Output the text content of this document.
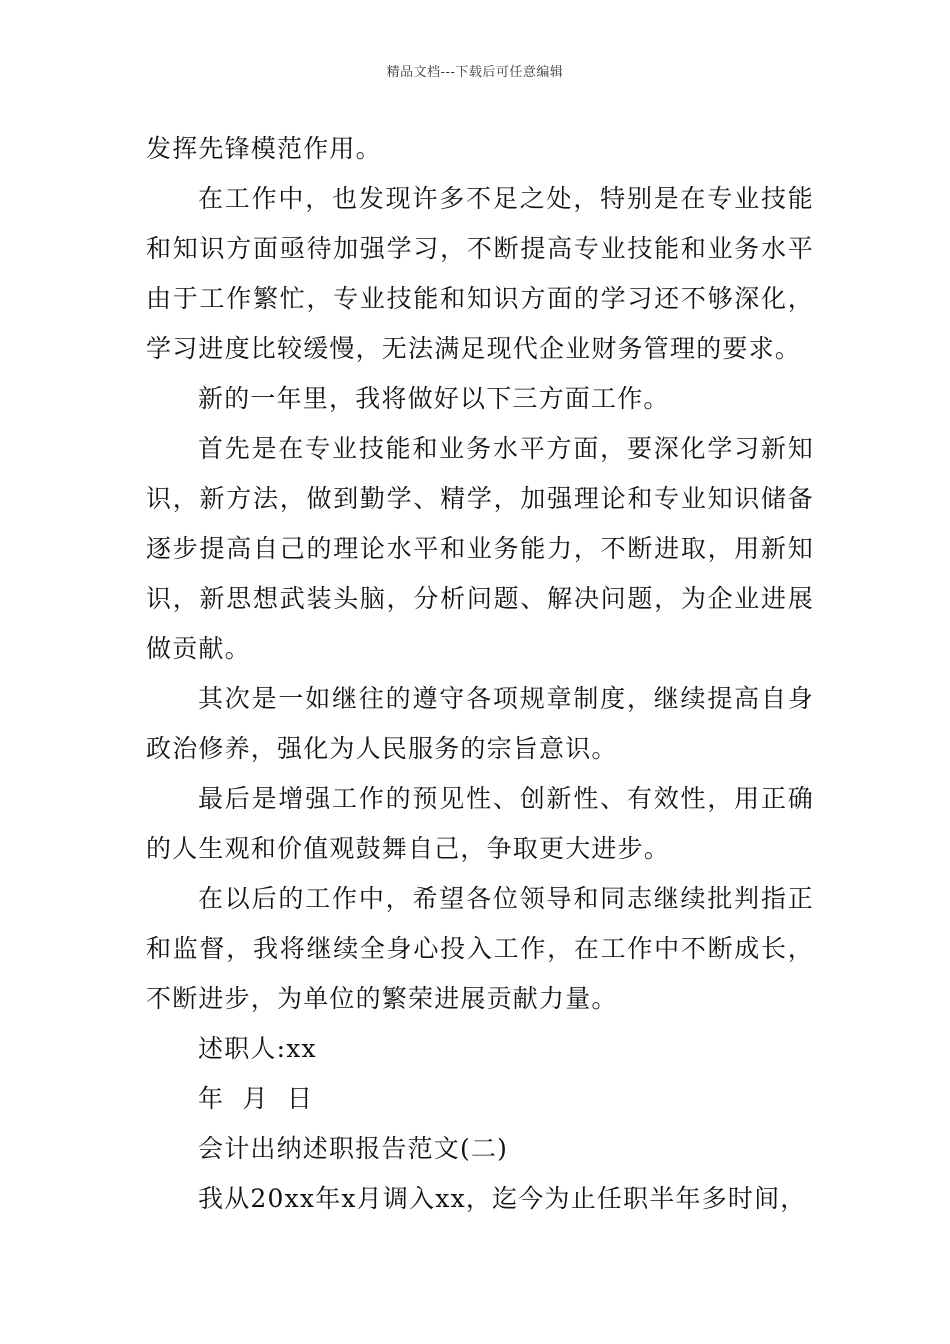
精品文档---下载后可任意编辑

发挥先锋模范作用。

在工作中，也发现许多不足之处，特别是在专业技能和知识方面亟待加强学习，不断提高专业技能和业务水平由于工作繁忙，专业技能和知识方面的学习还不够深化，学习进度比较缓慢，无法满足现代企业财务管理的要求。

新的一年里，我将做好以下三方面工作。

首先是在专业技能和业务水平方面，要深化学习新知识，新方法，做到勤学、精学，加强理论和专业知识储备逐步提高自己的理论水平和业务能力，不断进取，用新知识，新思想武装头脑，分析问题、解决问题，为企业进展做贡献。

其次是一如继往的遵守各项规章制度，继续提高自身政治修养，强化为人民服务的宗旨意识。

最后是增强工作的预见性、创新性、有效性，用正确的人生观和价值观鼓舞自己，争取更大进步。

在以后的工作中，希望各位领导和同志继续批判指正和监督，我将继续全身心投入工作，在工作中不断成长，不断进步，为单位的繁荣进展贡献力量。

述职人:xx

年  月  日

会计出纳述职报告范文(二)

我从20xx年x月调入xx，迄今为止任职半年多时间，
